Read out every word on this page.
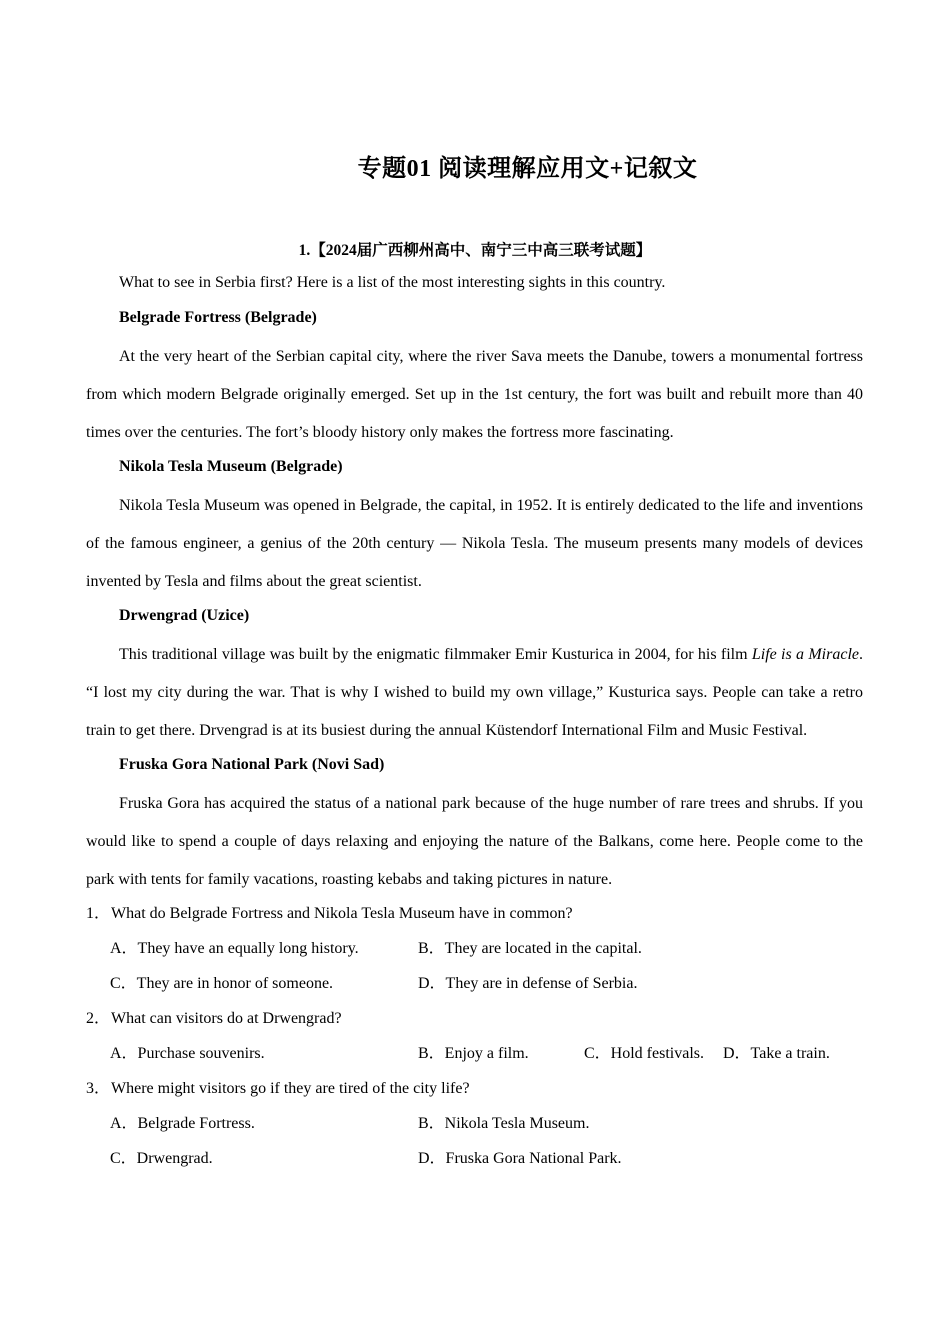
专题01 阅读理解应用文+记叙文
1.【2024届广西柳州高中、南宁三中高三联考试题】

What to see in Serbia first? Here is a list of the most interesting sights in this country.

Belgrade Fortress (Belgrade)

At the very heart of the Serbian capital city, where the river Sava meets the Danube, towers a monumental fortress from which modern Belgrade originally emerged. Set up in the 1st century, the fort was built and rebuilt more than 40 times over the centuries. The fort’s bloody history only makes the fortress more fascinating.

Nikola Tesla Museum (Belgrade)

Nikola Tesla Museum was opened in Belgrade, the capital, in 1952. It is entirely dedicated to the life and inventions of the famous engineer, a genius of the 20th century — Nikola Tesla. The museum presents many models of devices invented by Tesla and films about the great scientist.

Drwengrad (Uzice)

This traditional village was built by the enigmatic filmmaker Emir Kusturica in 2004, for his film Life is a Miracle. “I lost my city during the war. That is why I wished to build my own village,” Kusturica says. People can take a retro train to get there. Drvengrad is at its busiest during the annual Küstendorf International Film and Music Festival.

Fruska Gora National Park (Novi Sad)

Fruska Gora has acquired the status of a national park because of the huge number of rare trees and shrubs. If you would like to spend a couple of days relaxing and enjoying the nature of the Balkans, come here. People come to the park with tents for family vacations, roasting kebabs and taking pictures in nature.

1．What do Belgrade Fortress and Nikola Tesla Museum have in common?

A．They have an equally long history.	B．They are located in the capital.
C．They are in honor of someone.	D．They are in defense of Serbia.

2．What can visitors do at Drwengrad?

A．Purchase souvenirs.	B．Enjoy a film.	C．Hold festivals. D．Take a train.

3．Where might visitors go if they are tired of the city life?

A．Belgrade Fortress.	B．Nikola Tesla Museum.
C．Drwengrad.	D．Fruska Gora National Park.
